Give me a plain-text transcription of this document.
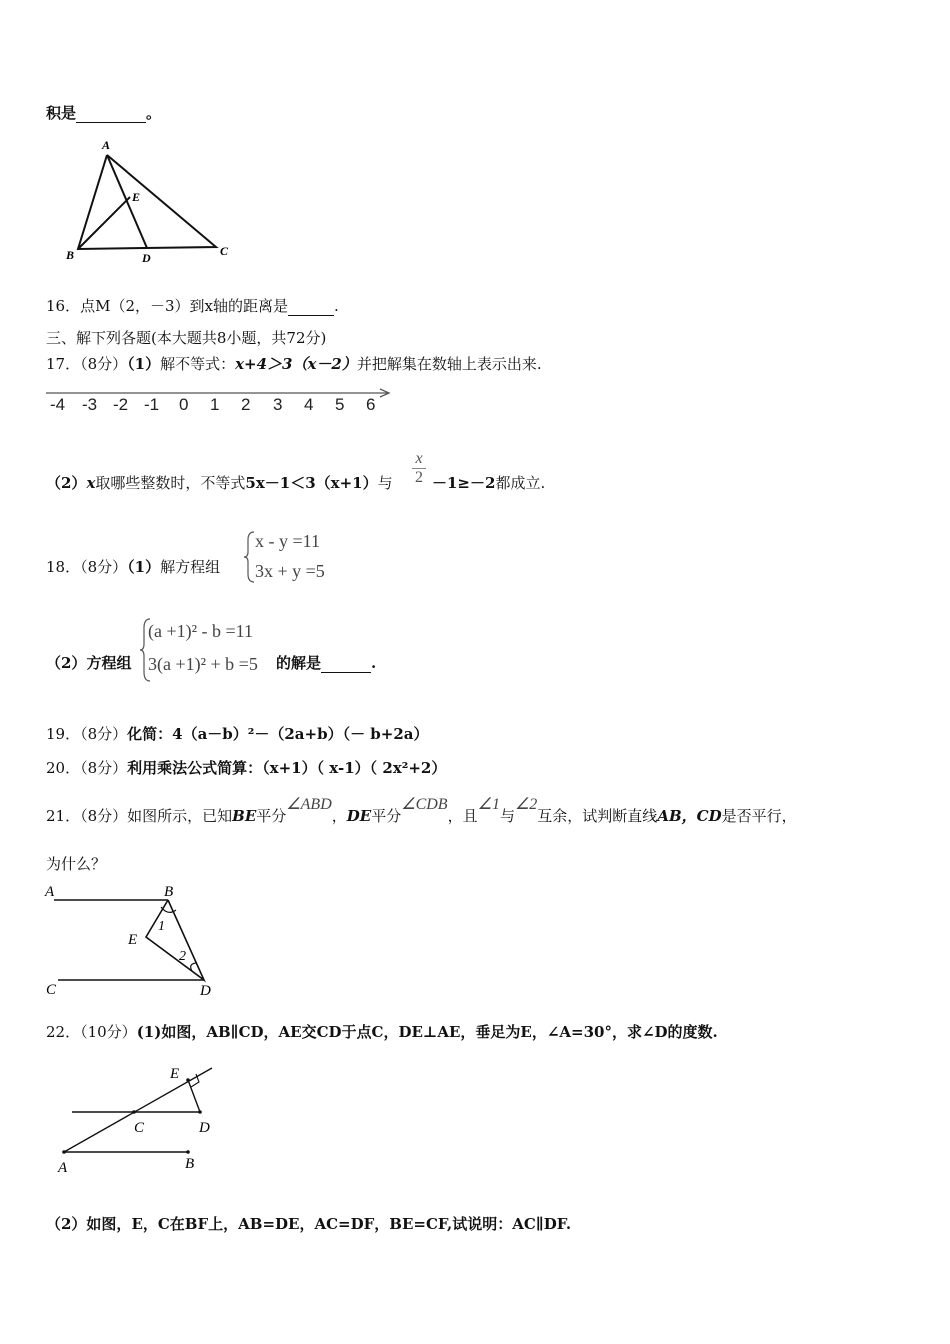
积是	。
A
B	C
D
E
16．点M（2，－3）到x轴的距离是	.
三、解下列各题(本大题共8小题，共72分)
17．（8分）（1）解不等式：x+4＞3（x－2）并把解集在数轴上表示出来.
-4 -3 -2 -1 0 1 2 3 4 5 6
（2）x取哪些整数时，不等式5x－1＜3（x+1）与 $\frac{x}{2} -1\ge-2$都成立.
18．（8分）（1）解方程组
x - y =11
3x + y =5
（2）方程组
(a +1)² - b =11
3(a +1)² + b =5 的解是	.
19．（8分）化简：4（a－b）²－（2a+b）（－ b+2a）
20．（8分）利用乘法公式简算：（x+1）（ x-1）（ 2x²+2）
21．（8分）如图所示，已知BE平分∠ABD，DE平分∠CDB，且∠1与∠2互余，试判断直线AB，CD是否平行，
为什么？
A	B
C	D
E
1
2
22．（10分）(1)如图，AB∥CD，AE交CD于点C，DE⊥AE，垂足为E，∠A=30°，求∠D的度数.
A	B
C	D
E
（2）如图，E，C在BF上，AB=DE，AC=DF，BE=CF,试说明：AC∥DF.
